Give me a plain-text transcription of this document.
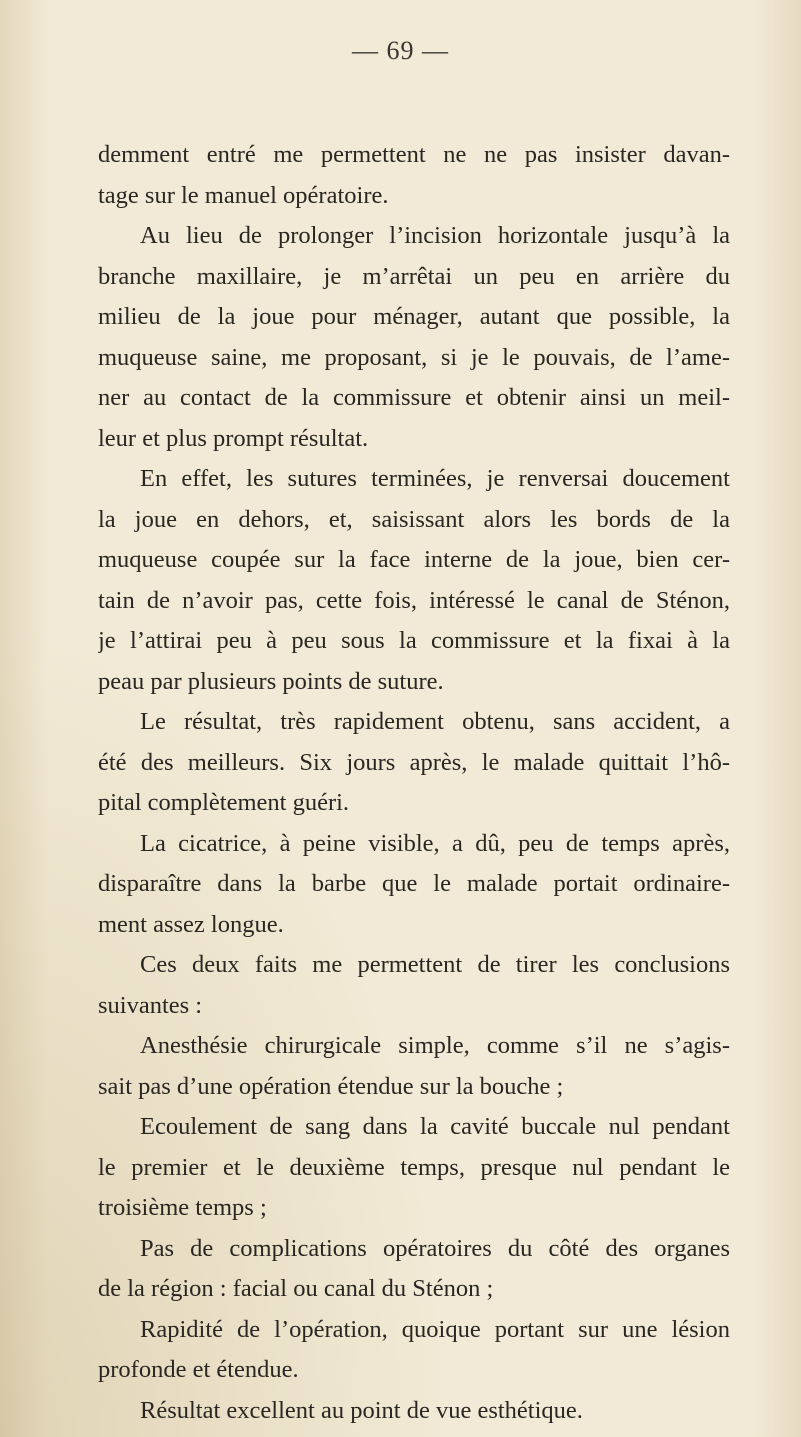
— 69 —
demment entré me permettent ne ne pas insister davan-
tage sur le manuel opératoire.
Au lieu de prolonger l’incision horizontale jusqu’à la
branche maxillaire, je m’arrêtai un peu en arrière du
milieu de la joue pour ménager, autant que possible, la
muqueuse saine, me proposant, si je le pouvais, de l’ame-
ner au contact de la commissure et obtenir ainsi un meil-
leur et plus prompt résultat.
En effet, les sutures terminées, je renversai doucement
la joue en dehors, et, saisissant alors les bords de la
muqueuse coupée sur la face interne de la joue, bien cer-
tain de n’avoir pas, cette fois, intéressé le canal de Sténon,
je l’attirai peu à peu sous la commissure et la fixai à la
peau par plusieurs points de suture.
Le résultat, très rapidement obtenu, sans accident, a
été des meilleurs. Six jours après, le malade quittait l’hô-
pital complètement guéri.
La cicatrice, à peine visible, a dû, peu de temps après,
disparaître dans la barbe que le malade portait ordinaire-
ment assez longue.
Ces deux faits me permettent de tirer les conclusions
suivantes :
Anesthésie chirurgicale simple, comme s’il ne s’agis-
sait pas d’une opération étendue sur la bouche ;
Ecoulement de sang dans la cavité buccale nul pendant
le premier et le deuxième temps, presque nul pendant le
troisième temps ;
Pas de complications opératoires du côté des organes
de la région : facial ou canal du Sténon ;
Rapidité de l’opération, quoique portant sur une lésion
profonde et étendue.
Résultat excellent au point de vue esthétique.
